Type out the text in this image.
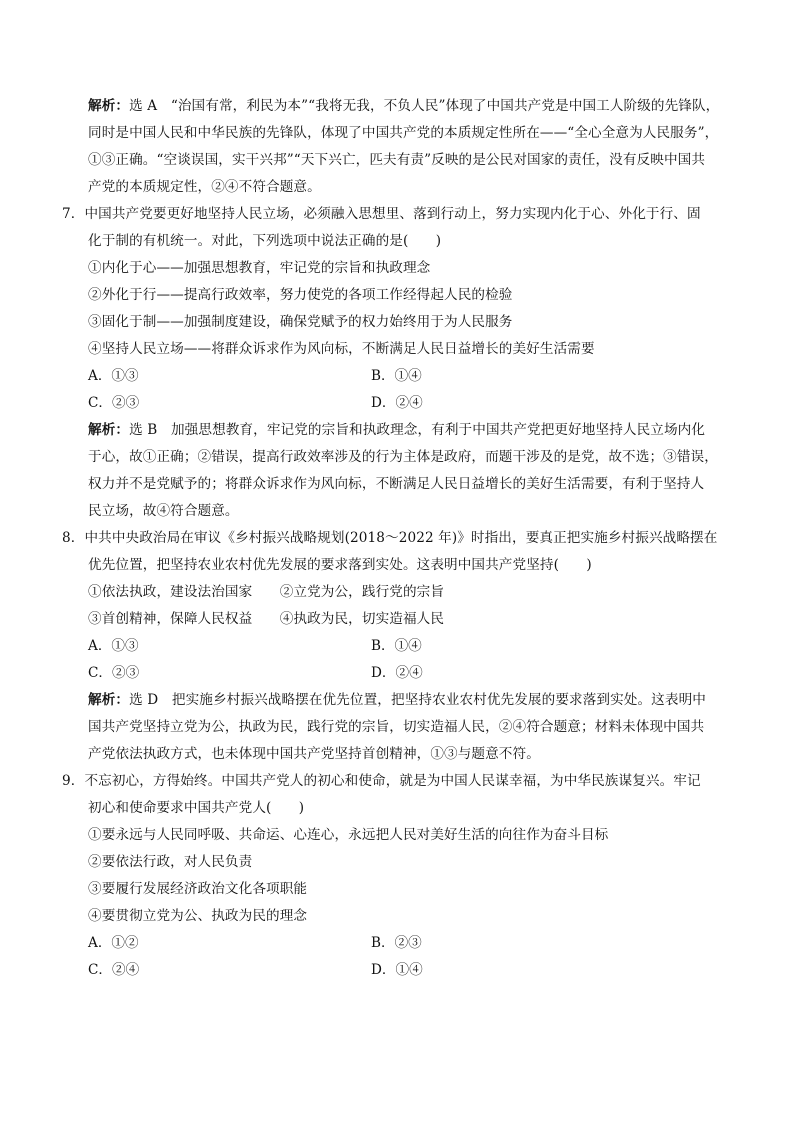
解析：选 A　“治国有常，利民为本”“我将无我，不负人民”体现了中国共产党是中国工人阶级的先锋队，
同时是中国人民和中华民族的先锋队，体现了中国共产党的本质规定性所在——“全心全意为人民服务”，
①③正确。“空谈误国，实干兴邦”“天下兴亡，匹夫有责”反映的是公民对国家的责任，没有反映中国共
产党的本质规定性，②④不符合题意。
7．中国共产党要更好地坚持人民立场，必须融入思想里、落到行动上，努力实现内化于心、外化于行、固
化于制的有机统一。对此，下列选项中说法正确的是(　　)
①内化于心——加强思想教育，牢记党的宗旨和执政理念
②外化于行——提高行政效率，努力使党的各项工作经得起人民的检验
③固化于制——加强制度建设，确保党赋予的权力始终用于为人民服务
④坚持人民立场——将群众诉求作为风向标，不断满足人民日益增长的美好生活需要
A．①③	B．①④
C．②③	D．②④
解析：选 B　加强思想教育，牢记党的宗旨和执政理念，有利于中国共产党把更好地坚持人民立场内化
于心，故①正确；②错误，提高行政效率涉及的行为主体是政府，而题干涉及的是党，故不选；③错误，
权力并不是党赋予的；将群众诉求作为风向标，不断满足人民日益增长的美好生活需要，有利于坚持人
民立场，故④符合题意。
8．中共中央政治局在审议《乡村振兴战略规划(2018～2022 年)》时指出，要真正把实施乡村振兴战略摆在
优先位置，把坚持农业农村优先发展的要求落到实处。这表明中国共产党坚持(　　)
①依法执政，建设法治国家　　②立党为公，践行党的宗旨
③首创精神，保障人民权益　　④执政为民，切实造福人民
A．①③	B．①④
C．②③	D．②④
解析：选 D　把实施乡村振兴战略摆在优先位置，把坚持农业农村优先发展的要求落到实处。这表明中
国共产党坚持立党为公，执政为民，践行党的宗旨，切实造福人民，②④符合题意；材料未体现中国共
产党依法执政方式，也未体现中国共产党坚持首创精神，①③与题意不符。
9．不忘初心，方得始终。中国共产党人的初心和使命，就是为中国人民谋幸福，为中华民族谋复兴。牢记
初心和使命要求中国共产党人(　　)
①要永远与人民同呼吸、共命运、心连心，永远把人民对美好生活的向往作为奋斗目标
②要依法行政，对人民负责
③要履行发展经济政治文化各项职能
④要贯彻立党为公、执政为民的理念
A．①②	B．②③
C．②④	D．①④
